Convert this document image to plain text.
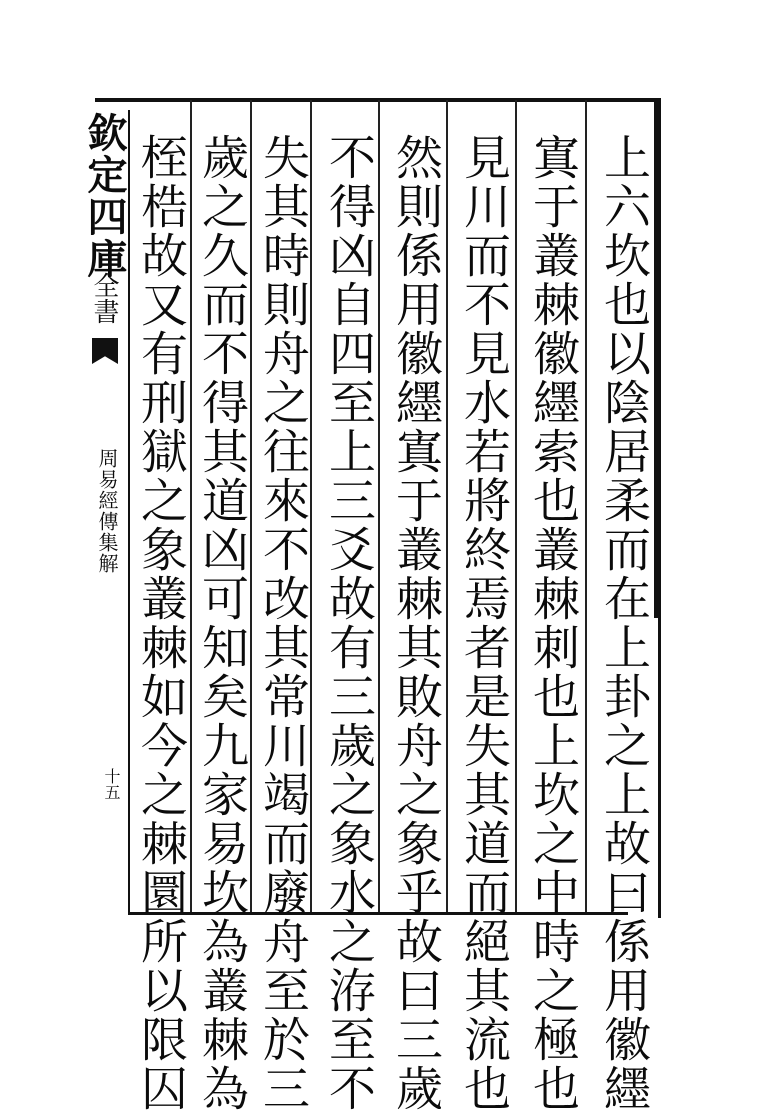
欽定四庫
全書
周易經傳集解
十五	上六坎也以陰居柔而在上卦之上故曰係用徽纆
寘于叢棘徽纆索也叢棘刺也上坎之中時之極也
見川而不見水若將終焉者是失其道而絕其流也
然則係用徽纆寘于叢棘其敗舟之象乎故曰三歲
不得凶自四至上三爻故有三歲之象水之洊至不
失其時則舟之往來不改其常川竭而廢舟至於三
歲之久而不得其道凶可知矣九家易坎為叢棘為
桎梏故又有刑獄之象叢棘如今之棘圜所以限囚
